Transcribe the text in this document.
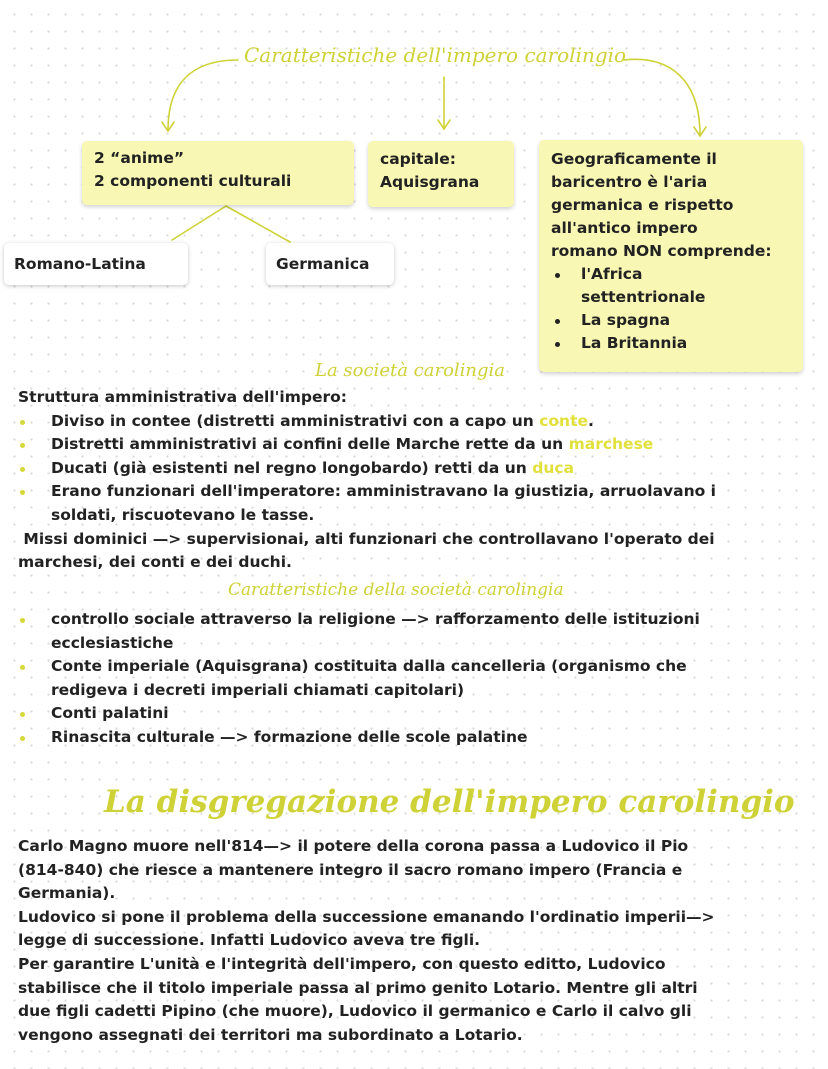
Caratteristiche dell'impero carolingio
2 “anime”
2 componenti culturali
capitale:
Aquisgrana
Geograficamente il
baricentro è l'aria
germanica e rispetto
all'antico impero
romano NON comprende:
l'Africa
settentrionale
La spagna
La Britannia
Romano-Latina	Germanica
La società carolingia
Struttura amministrativa dell'impero:
Diviso in contee (distretti amministrativi con a capo un conte.
Distretti amministrativi ai confini delle Marche rette da un marchese
Ducati (già esistenti nel regno longobardo) retti da un duca
Erano funzionari dell'imperatore: amministravano la giustizia, arruolavano i
soldati, riscuotevano le tasse.
Missi dominici —> supervisionai, alti funzionari che controllavano l'operato dei
marchesi, dei conti e dei duchi.
Caratteristiche della società carolingia
controllo sociale attraverso la religione —> rafforzamento delle istituzioni
ecclesiastiche
Conte imperiale (Aquisgrana) costituita dalla cancelleria (organismo che
redigeva i decreti imperiali chiamati capitolari)
Conti palatini
Rinascita culturale —> formazione delle scole palatine
La disgregazione dell'impero carolingio
Carlo Magno muore nell'814—> il potere della corona passa a Ludovico il Pio
(814-840) che riesce a mantenere integro il sacro romano impero (Francia e
Germania).
Ludovico si pone il problema della successione emanando l'ordinatio imperii—>
legge di successione. Infatti Ludovico aveva tre figli.
Per garantire L'unità e l'integrità dell'impero, con questo editto, Ludovico
stabilisce che il titolo imperiale passa al primo genito Lotario. Mentre gli altri
due figli cadetti Pipino (che muore), Ludovico il germanico e Carlo il calvo gli
vengono assegnati dei territori ma subordinato a Lotario.
